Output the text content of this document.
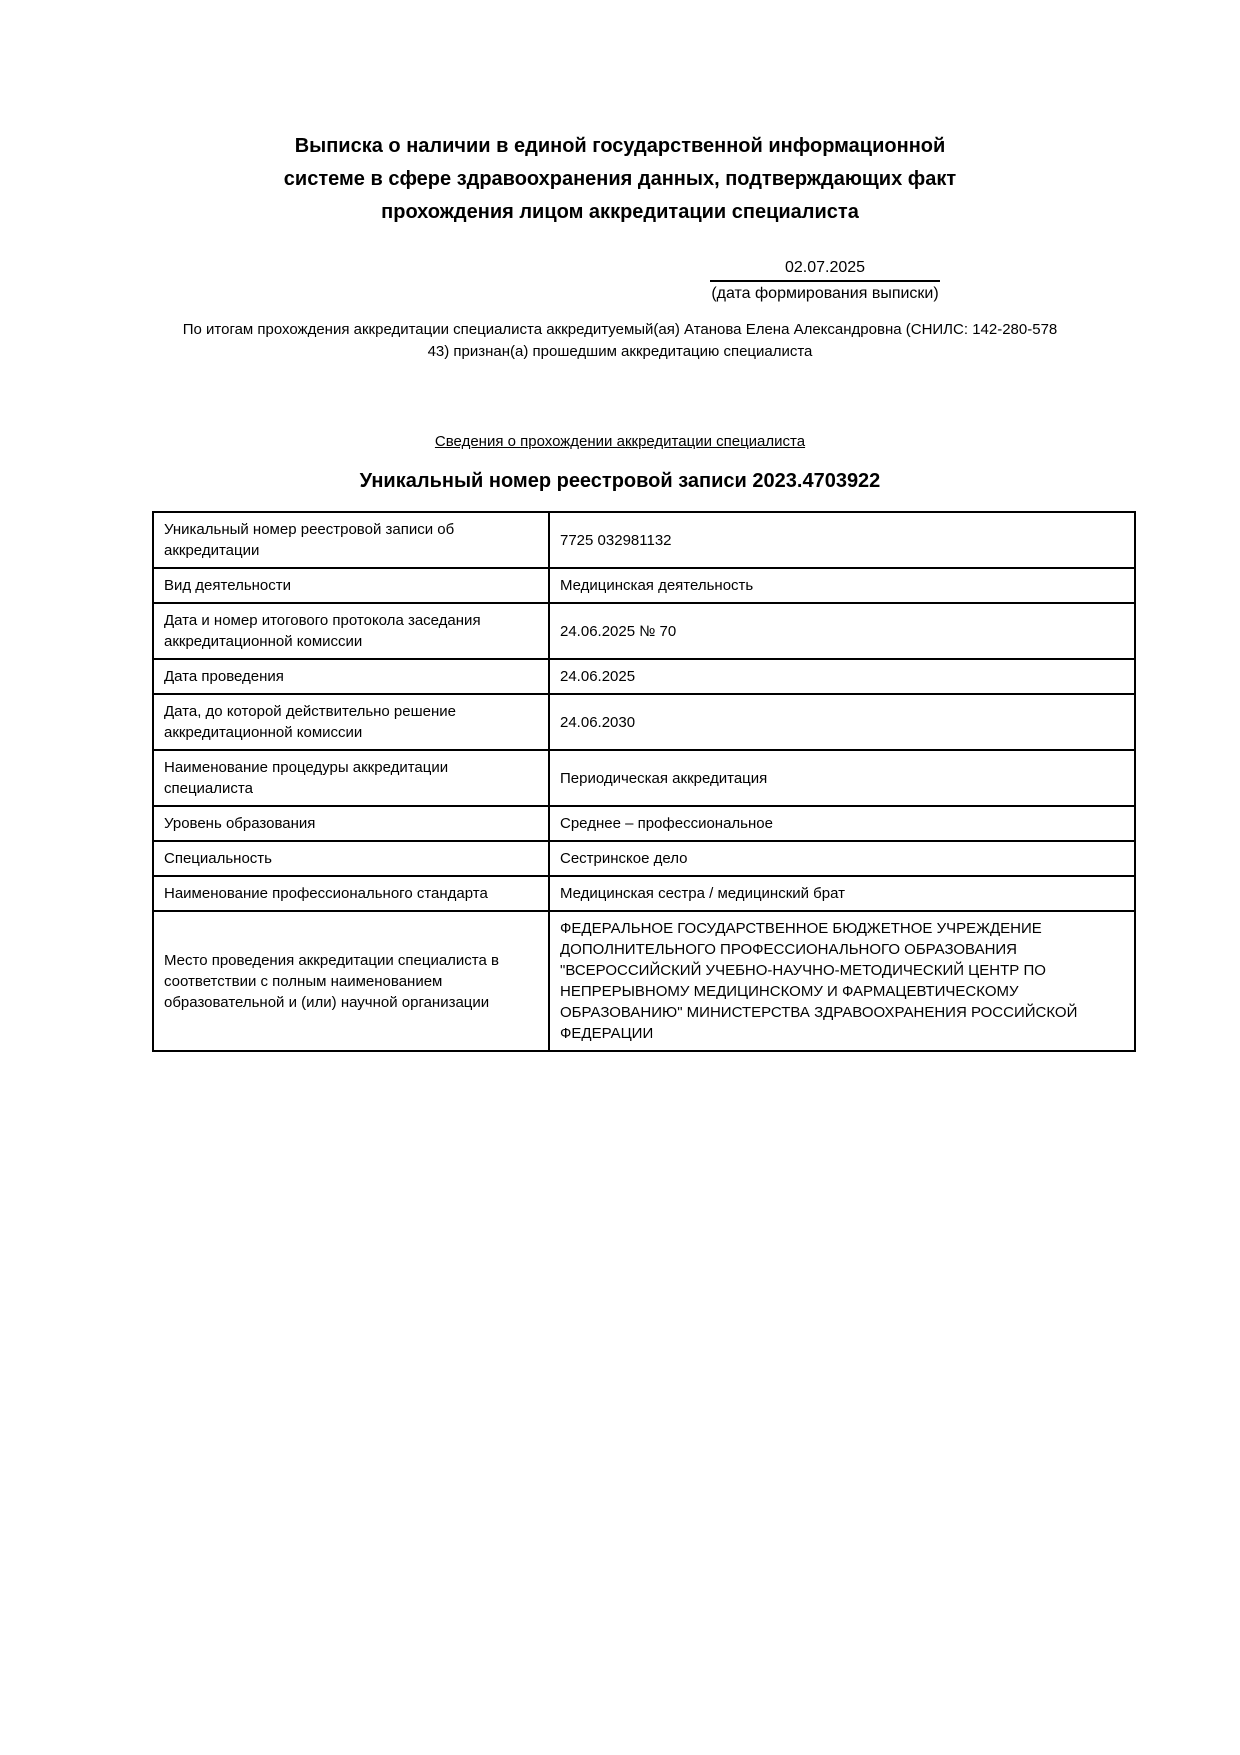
Выписка о наличии в единой государственной информационной системе в сфере здравоохранения данных, подтверждающих факт прохождения лицом аккредитации специалиста
02.07.2025
(дата формирования выписки)
По итогам прохождения аккредитации специалиста аккредитуемый(ая) Атанова Елена Александровна (СНИЛС: 142-280-578 43) признан(а) прошедшим аккредитацию специалиста
Сведения о прохождении аккредитации специалиста
Уникальный номер реестровой записи 2023.4703922
Уникальный номер реестровой записи об аккредитации	7725 032981132
Вид деятельности	Медицинская деятельность
Дата и номер итогового протокола заседания аккредитационной комиссии	24.06.2025 № 70
Дата проведения	24.06.2025
Дата, до которой действительно решение аккредитационной комиссии	24.06.2030
Наименование процедуры аккредитации специалиста	Периодическая аккредитация
Уровень образования	Среднее – профессиональное
Специальность	Сестринское дело
Наименование профессионального стандарта	Медицинская сестра / медицинский брат
Место проведения аккредитации специалиста в соответствии с полным наименованием образовательной и (или) научной организации	ФЕДЕРАЛЬНОЕ ГОСУДАРСТВЕННОЕ БЮДЖЕТНОЕ УЧРЕЖДЕНИЕ ДОПОЛНИТЕЛЬНОГО ПРОФЕССИОНАЛЬНОГО ОБРАЗОВАНИЯ "ВСЕРОССИЙСКИЙ УЧЕБНО-НАУЧНО-МЕТОДИЧЕСКИЙ ЦЕНТР ПО НЕПРЕРЫВНОМУ МЕДИЦИНСКОМУ И ФАРМАЦЕВТИЧЕСКОМУ ОБРАЗОВАНИЮ" МИНИСТЕРСТВА ЗДРАВООХРАНЕНИЯ РОССИЙСКОЙ ФЕДЕРАЦИИ
